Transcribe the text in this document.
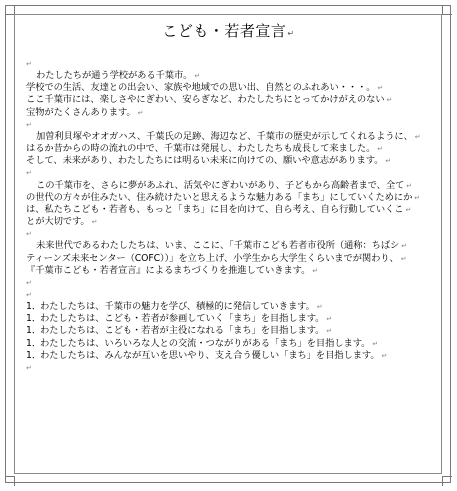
こども・若者宣言↵
↵
わたしたちが通う学校がある千葉市。 ↵
学校での生活、友達との出会い、家族や地域での思い出、自然とのふれあい・・・。 ↵
ここ千葉市には、楽しさやにぎわい、安らぎなど、わたしたちにとってかけがえのない ↵
宝物がたくさんあります。 ↵
↵
加曽利貝塚やオオガハス、千葉氏の足跡、海辺など、千葉市の歴史が示してくれるように、 ↵
はるか昔からの時の流れの中で、千葉市は発展し、わたしたちも成長して来ました。 ↵
そして、未来があり、わたしたちには明るい未来に向けての、願いや意志があります。 ↵
↵
この千葉市を、さらに夢があふれ、活気やにぎわいがあり、子どもから高齢者まで、全て ↵
の世代の方々が住みたい、住み続けたいと思えるような魅力ある「まち」にしていくためにか ↵
は、私たちこども・若者も、もっと「まち」に目を向けて、自ら考え、自ら行動していくこ ↵
とが大切です。 ↵
↵
未来世代であるわたしたちは、いま、ここに、「千葉市こども若者市役所（通称：ちばシ ↵
ティーンズ未来センター（COFC））」を立ち上げ、小学生から大学生くらいまでが関わり、 ↵
『千葉市こども・若者宣言』によるまちづくりを推進していきます。 ↵
↵
↵
1．わたしたちは、千葉市の魅力を学び、積極的に発信していきます。 ↵
1．わたしたちは、こども・若者が参画していく「まち」を目指します。 ↵
1．わたしたちは、こども・若者が主役になれる「まち」を目指します。 ↵
1．わたしたちは、いろいろな人との交流・つながりがある「まち」を目指します。 ↵
1．わたしたちは、みんなが互いを思いやり、支え合う優しい「まち」を目指します。 ↵
↵
